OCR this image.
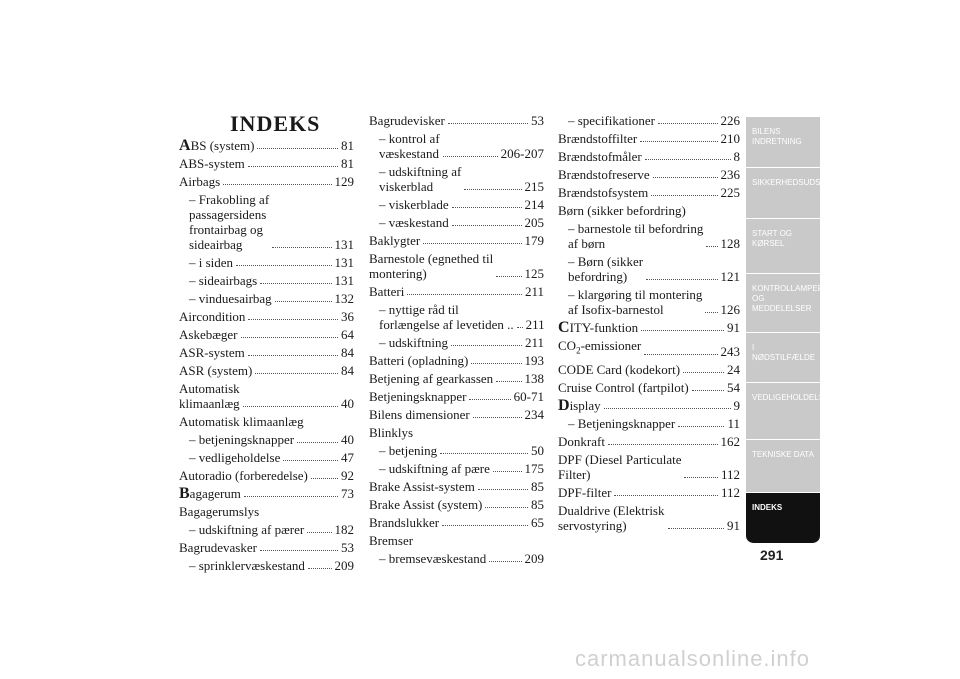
INDEKS
ABS (system)	81
ABS-system	81
Airbags	129
– Frakobling af
passagersidens
frontairbag og
sideairbag	131
– i siden	131
– sideairbags	131
– vinduesairbag	132
Aircondition	36
Askebæger	64
ASR-system	84
ASR (system)	84
Automatisk
klimaanlæg	40
Automatisk klimaanlæg
– betjeningsknapper	40
– vedligeholdelse	47
Autoradio (forberedelse)	92
Bagagerum	73
Bagagerumslys
– udskiftning af pærer 182
Bagrudevasker	53
– sprinklervæskestand 209
Bagrudevisker	53
– kontrol af
væskestand	206-207
– udskiftning af
viskerblad	215
– viskerblade	214
– væskestand	205
Baklygter	179
Barnestole (egnethed til
montering)	125
Batteri	211
– nyttige råd til
forlængelse af levetiden .. 211
– udskiftning	211
Batteri (opladning)	193
Betjening af gearkassen 138
Betjeningsknapper	60-71
Bilens dimensioner	234
Blinklys
– betjening	50
– udskiftning af pære	175
Brake Assist-system	85
Brake Assist (system)	85
Brandslukker	65
Bremser
– bremsevæskestand	209
– specifikationer	226
Brændstoffilter	210
Brændstofmåler	8
Brændstofreserve	236
Brændstofsystem	225
Børn (sikker befordring)
– barnestole til befordring
af børn	128
– Børn (sikker
befordring)	121
– klargøring til montering
af Isofix-barnestol	126
CITY-funktion	91
$CO_2$-emissioner	243
CODE Card (kodekort)	24
Cruise Control (fartpilot)	54
Display	9
– Betjeningsknapper	11
Donkraft	162
DPF (Diesel Particulate
Filter)	112
DPF-filter	112
Dualdrive (Elektrisk
servostyring)	91
BILENS INDRETNING
SIKKERHEDSUDSTYR
START OG KØRSEL
KONTROLLAMPER OG MEDDELELSER
I NØDSTILFÆLDE
VEDLIGEHOLDELSE
TEKNISKE DATA
INDEKS
291
carmanualsonline.info
